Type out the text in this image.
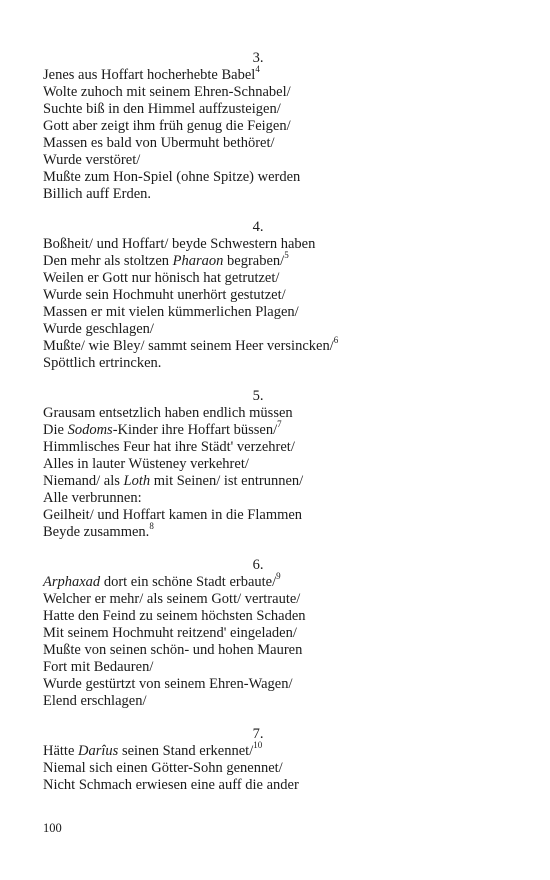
3.
Jenes aus Hoffart hocherhebte Babel$^4$
Wolte zuhoch mit seinem Ehren-Schnabel/
Suchte biß in den Himmel auffzusteigen/
Gott aber zeigt ihm früh genug die Feigen/
Massen es bald von Ubermuht bethöret/
Wurde verstöret/
Mußte zum Hon-Spiel (ohne Spitze) werden
Billich auff Erden.
4.
Boßheit/ und Hoffart/ beyde Schwestern haben
Den mehr als stoltzen Pharaon begraben/$^5$
Weilen er Gott nur hönisch hat getrutzet/
Wurde sein Hochmuht unerhört gestutzet/
Massen er mit vielen kümmerlichen Plagen/
Wurde geschlagen/
Mußte/ wie Bley/ sammt seinem Heer versincken/$^6$
Spöttlich ertrincken.
5.
Grausam entsetzlich haben endlich müssen
Die Sodoms-Kinder ihre Hoffart büssen/$^7$
Himmlisches Feur hat ihre Städt' verzehret/
Alles in lauter Wüsteney verkehret/
Niemand/ als Loth mit Seinen/ ist entrunnen/
Alle verbrunnen:
Geilheit/ und Hoffart kamen in die Flammen
Beyde zusammen.$^8$
6.
Arphaxad dort ein schöne Stadt erbaute/$^9$
Welcher er mehr/ als seinem Gott/ vertraute/
Hatte den Feind zu seinem höchsten Schaden
Mit seinem Hochmuht reitzend' eingeladen/
Mußte von seinen schön- und hohen Mauren
Fort mit Bedauren/
Wurde gestürtzt von seinem Ehren-Wagen/
Elend erschlagen/
7.
Hätte Darîus seinen Stand erkennet/$^{10}$
Niemal sich einen Götter-Sohn genennet/
Nicht Schmach erwiesen eine auff die ander
100
